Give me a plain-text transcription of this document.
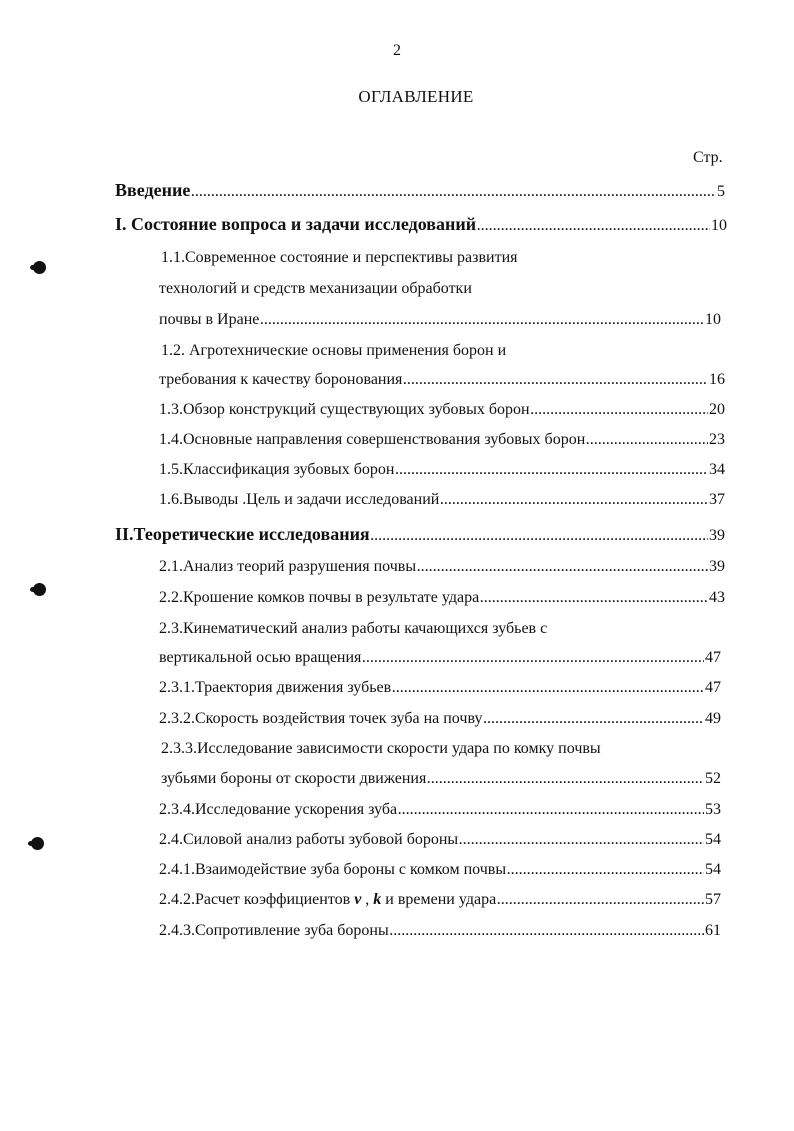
2
ОГЛАВЛЕНИЕ
Стр.
Введение .....	5
I. Состояние вопроса и задачи исследований .....	10
1.1.Современное состояние и перспективы развития
технологий и средств механизации обработки
почвы в Иране .....	10
1.2. Агротехнические основы применения борон и
требования к качеству боронования .....	16
1.3.Обзор конструкций существующих зубовых борон .....	20
1.4.Основные направления совершенствования зубовых борон .....	23
1.5.Классификация зубовых борон .....	34
1.6.Выводы .Цель и задачи исследований .....	37
II.Теоретические исследования .....	39
2.1.Анализ теорий разрушения почвы .....	39
2.2.Крошение комков почвы в результате удара .....	43
2.3.Кинематический анализ работы качающихся зубьев с
вертикальной осью вращения .....	47
2.3.1.Траектория движения зубьев .....	47
2.3.2.Скорость воздействия точек зуба на почву .....	49
2.3.3.Исследование зависимости скорости удара по комку почвы
зубьями бороны от скорости движения .....	52
2.3.4.Исследование ускорения зуба .....	53
2.4.Силовой анализ работы зубовой бороны .....	54
2.4.1.Взаимодействие зуба бороны с комком почвы .....	54
2.4.2.Расчет коэффициентов ν , k и времени удара .....	57
2.4.3.Сопротивление зуба бороны .....	61
